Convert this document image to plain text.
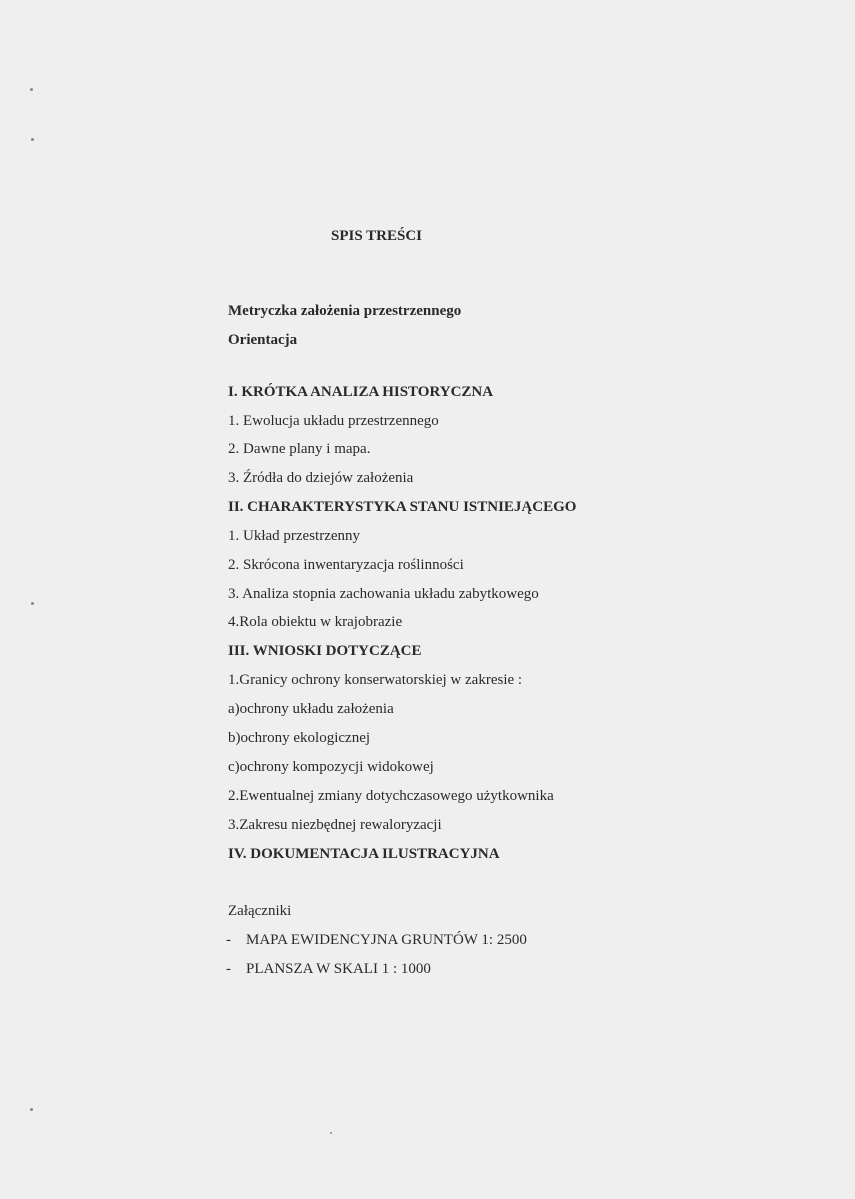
SPIS TREŚCI
Metryczka założenia przestrzennego
Orientacja
I. KRÓTKA ANALIZA HISTORYCZNA
1. Ewolucja układu przestrzennego
2. Dawne plany i mapa.
3. Źródła do dziejów założenia
II. CHARAKTERYSTYKA STANU ISTNIEJĄCEGO
1. Układ przestrzenny
2. Skrócona inwentaryzacja roślinności
3. Analiza stopnia zachowania układu zabytkowego
4.Rola obiektu w krajobrazie
III. WNIOSKI DOTYCZĄCE
1.Granicy ochrony konserwatorskiej w zakresie :
a)ochrony układu założenia
b)ochrony ekologicznej
c)ochrony kompozycji widokowej
2.Ewentualnej zmiany dotychczasowego użytkownika
3.Zakresu niezbędnej rewaloryzacji
IV. DOKUMENTACJA ILUSTRACYJNA
Załączniki
- MAPA EWIDENCYJNA GRUNTÓW 1: 2500
- PLANSZA W SKALI 1 : 1000
